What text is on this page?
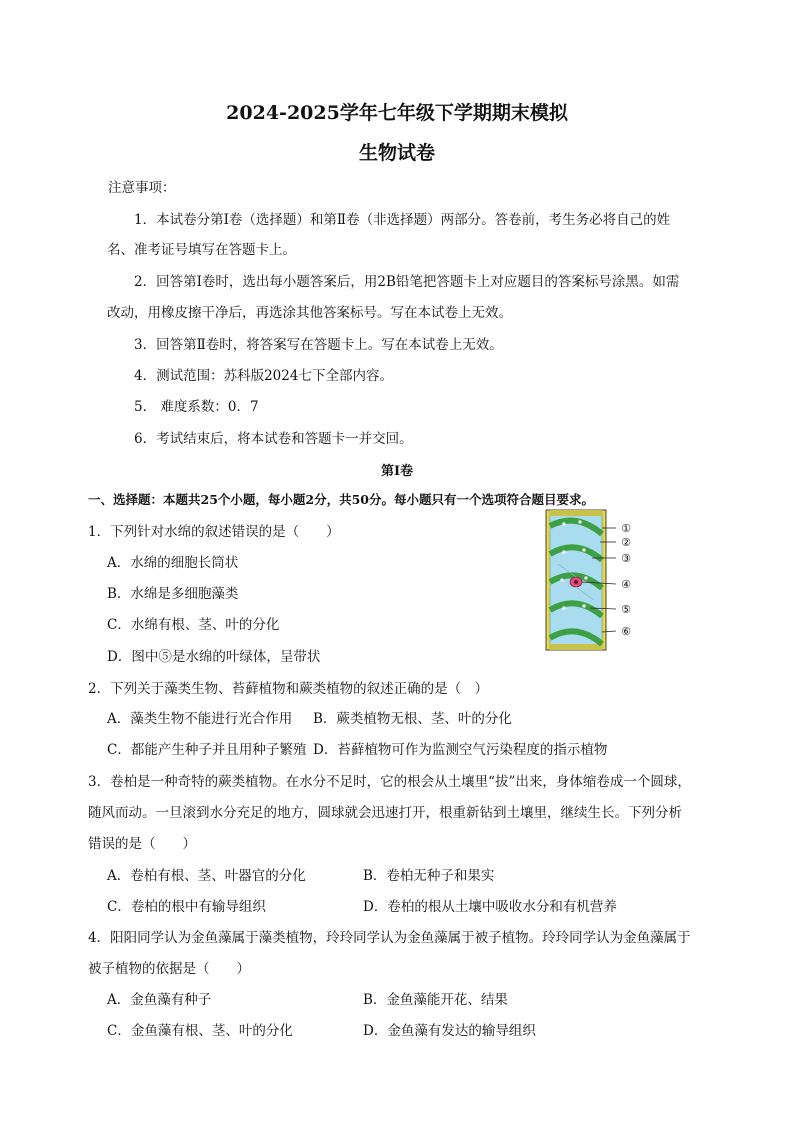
2024-2025学年七年级下学期期末模拟
生物试卷
注意事项：
1．本试卷分第Ⅰ卷（选择题）和第Ⅱ卷（非选择题）两部分。答卷前，考生务必将自己的姓
名、准考证号填写在答题卡上。
2．回答第Ⅰ卷时，选出每小题答案后，用2B铅笔把答题卡上对应题目的答案标号涂黑。如需
改动，用橡皮擦干净后，再选涂其他答案标号。写在本试卷上无效。
3．回答第Ⅱ卷时，将答案写在答题卡上。写在本试卷上无效。
4．测试范围：苏科版2024七下全部内容。
5． 难度系数：0．7
6．考试结束后，将本试卷和答题卡一并交回。
第Ⅰ卷
一、选择题：本题共25个小题，每小题2分，共50分。每小题只有一个选项符合题目要求。
1．下列针对水绵的叙述错误的是（　　）
A．水绵的细胞长筒状
B．水绵是多细胞藻类
C．水绵有根、茎、叶的分化
D．图中⑤是水绵的叶绿体，呈带状
①
②
③
④
⑤
⑥
2．下列关于藻类生物、苔藓植物和蕨类植物的叙述正确的是（　）
A．藻类生物不能进行光合作用 B．蕨类植物无根、茎、叶的分化
C．都能产生种子并且用种子繁殖 D．苔藓植物可作为监测空气污染程度的指示植物
3．卷柏是一种奇特的蕨类植物。在水分不足时，它的根会从土壤里“拔”出来，身体缩卷成一个圆球，
随风而动。一旦滚到水分充足的地方，圆球就会迅速打开，根重新钻到土壤里，继续生长。下列分析
错误的是（　　）
A．卷柏有根、茎、叶器官的分化	B．卷柏无种子和果实
C．卷柏的根中有输导组织	D．卷柏的根从土壤中吸收水分和有机营养
4．阳阳同学认为金鱼藻属于藻类植物，玲玲同学认为金鱼藻属于被子植物。玲玲同学认为金鱼藻属于
被子植物的依据是（　　）
A．金鱼藻有种子	B．金鱼藻能开花、结果
C．金鱼藻有根、茎、叶的分化	D．金鱼藻有发达的输导组织
